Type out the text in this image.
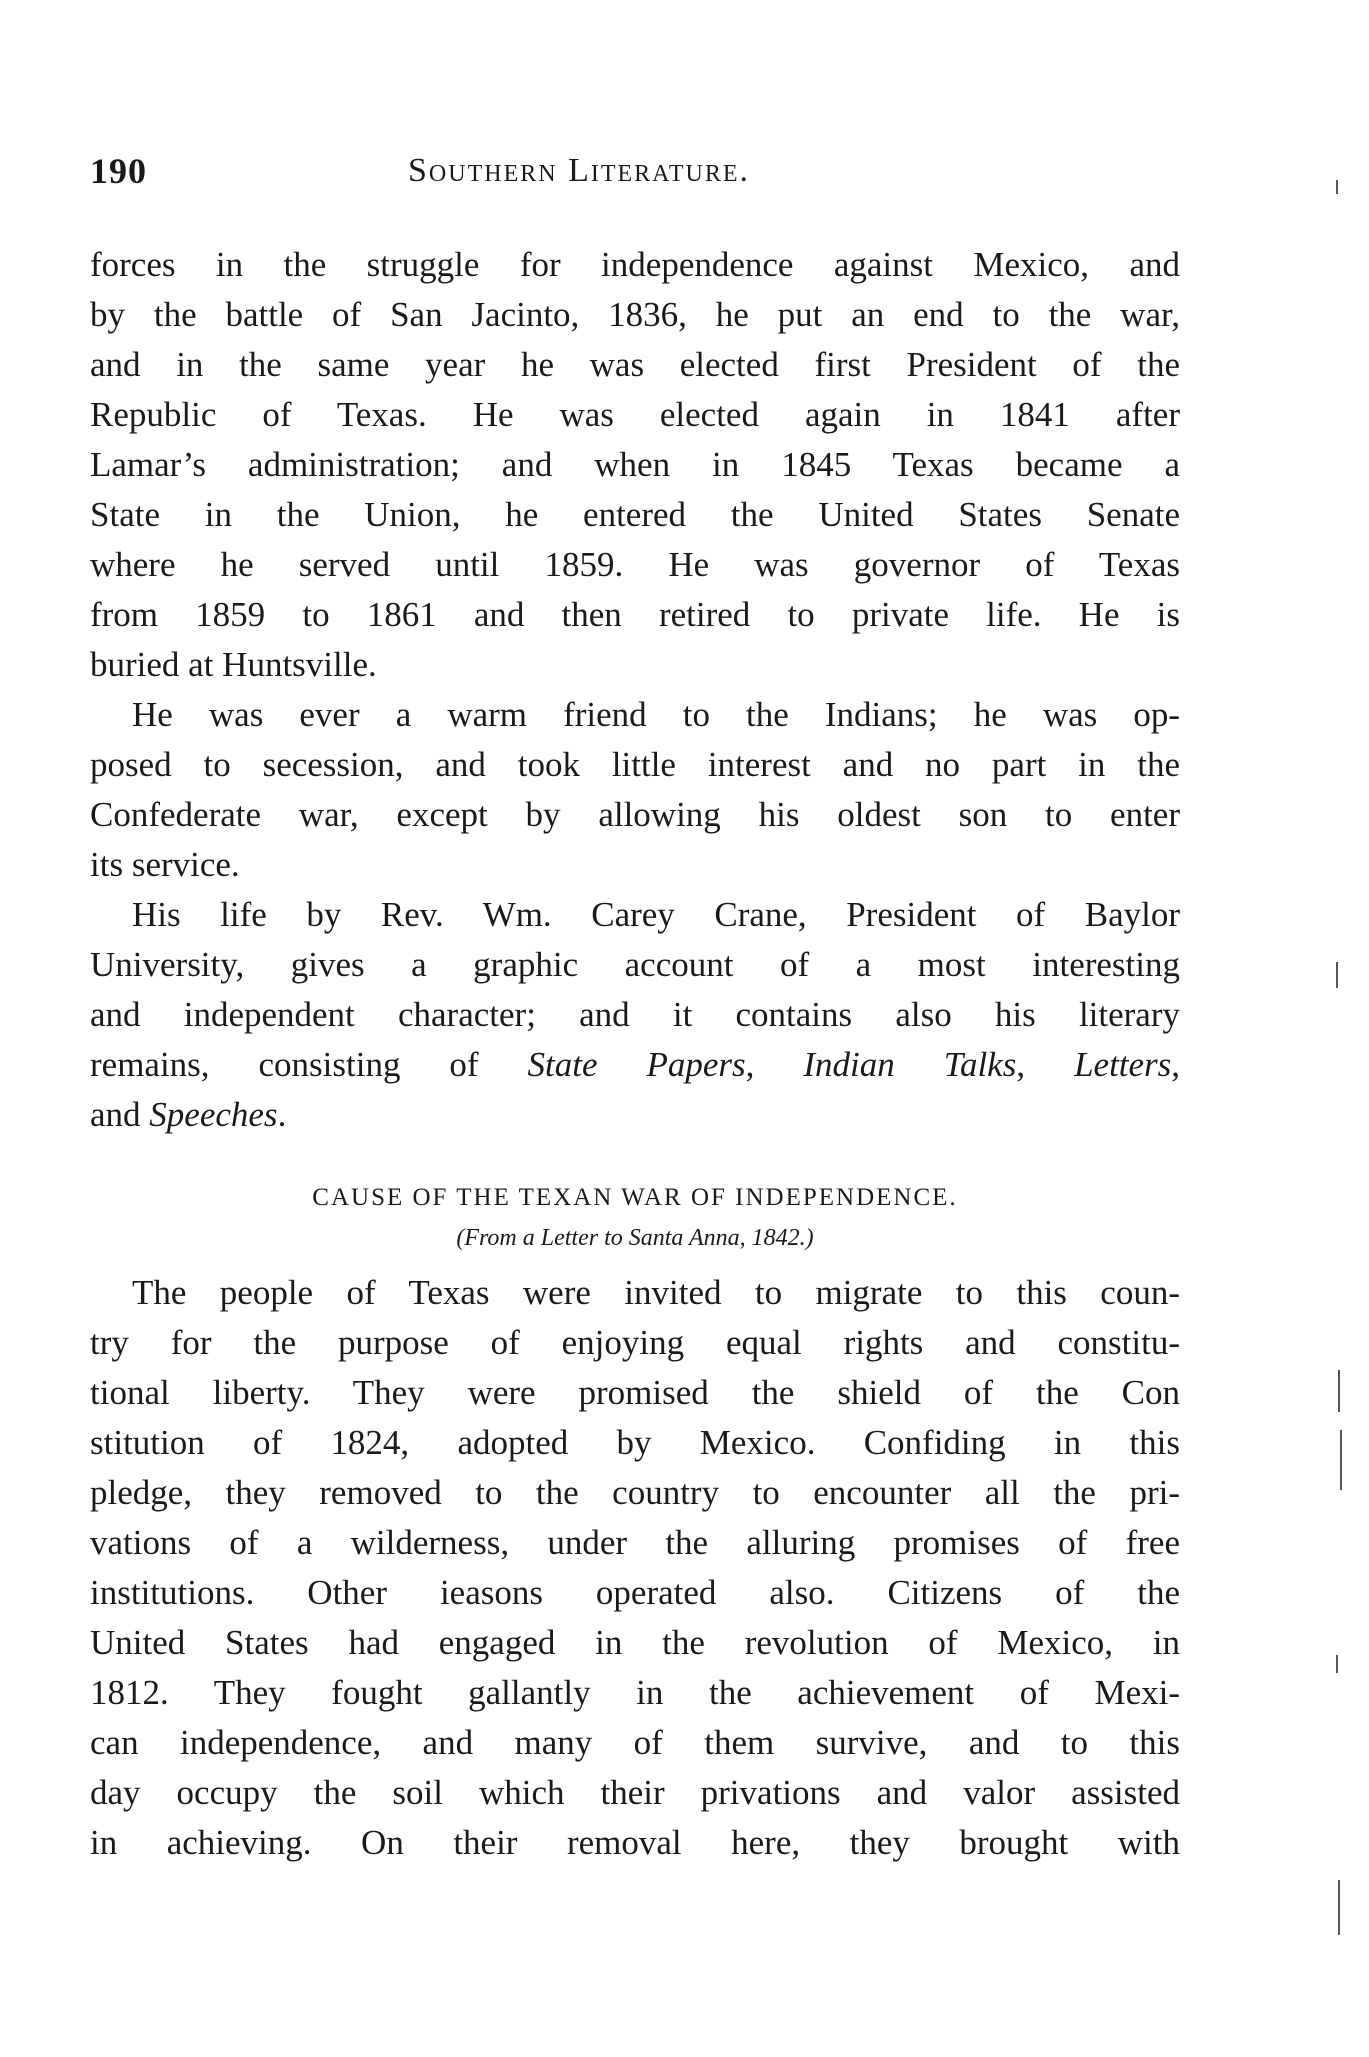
190	Southern Literature.
forces in the struggle for independence against Mexico, and
by the battle of San Jacinto, 1836, he put an end to the war,
and in the same year he was elected first President of the
Republic of Texas. He was elected again in 1841 after
Lamar’s administration; and when in 1845 Texas became a
State in the Union, he entered the United States Senate
where he served until 1859. He was governor of Texas
from 1859 to 1861 and then retired to private life. He is
buried at Huntsville.
He was ever a warm friend to the Indians; he was op-
posed to secession, and took little interest and no part in the
Confederate war, except by allowing his oldest son to enter
its service.
His life by Rev. Wm. Carey Crane, President of Baylor
University, gives a graphic account of a most interesting
and independent character; and it contains also his literary
remains, consisting of State Papers, Indian Talks, Letters,
and Speeches.
CAUSE OF THE TEXAN WAR OF INDEPENDENCE.
(From a Letter to Santa Anna, 1842.)
The people of Texas were invited to migrate to this coun-
try for the purpose of enjoying equal rights and constitu-
tional liberty. They were promised the shield of the Con
stitution of 1824, adopted by Mexico. Confiding in this
pledge, they removed to the country to encounter all the pri-
vations of a wilderness, under the alluring promises of free
institutions. Other ieasons operated also. Citizens of the
United States had engaged in the revolution of Mexico, in
1812. They fought gallantly in the achievement of Mexi-
can independence, and many of them survive, and to this
day occupy the soil which their privations and valor assisted
in achieving. On their removal here, they brought with
